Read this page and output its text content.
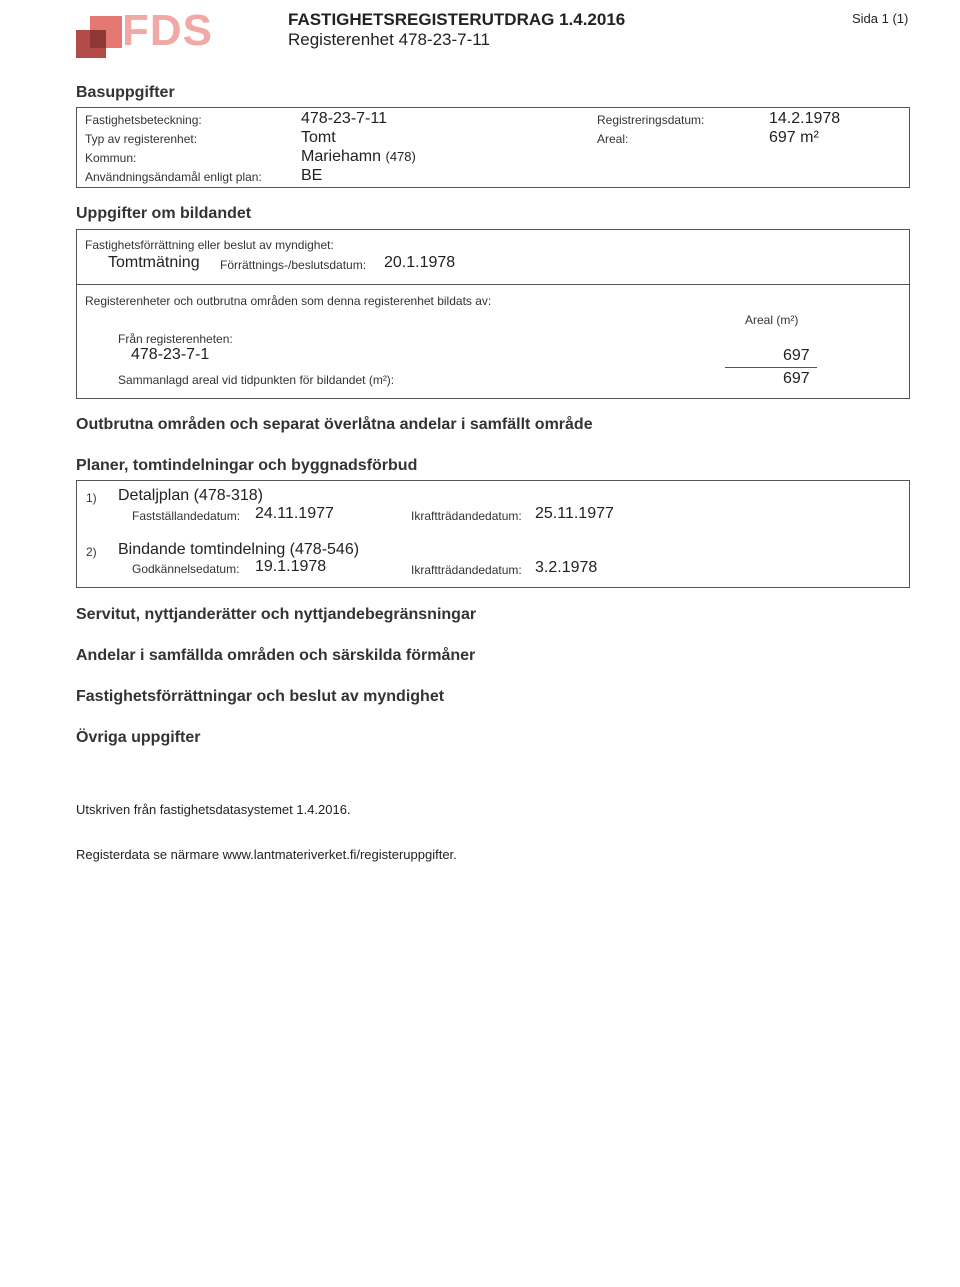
FDS	FASTIGHETSREGISTERUTDRAG 1.4.2016
Registerenhet 478-23-7-11
Sida 1 (1)
Basuppgifter
Fastighetsbeteckning:	478-23-7-11
Typ av registerenhet:	Tomt
Kommun:	Mariehamn (478)
Användningsändamål enligt plan: BE
Registreringsdatum:	14.2.1978
Areal:	697 m²
Uppgifter om bildandet
Fastighetsförrättning eller beslut av myndighet:
Tomtmätning Förrättnings-/beslutsdatum: 20.1.1978
Registerenheter och outbrutna områden som denna registerenhet bildats av:
Areal (m²)
Från registerenheten:
478-23-7-1	697
Sammanlagd areal vid tidpunkten för bildandet (m²):	697
Outbrutna områden och separat överlåtna andelar i samfällt område
Planer, tomtindelningar och byggnadsförbud
1) Detaljplan (478-318)
Fastställandedatum: 24.11.1977	Ikraftträdandedatum: 25.11.1977
2) Bindande tomtindelning (478-546)
Godkännelsedatum: 19.1.1978	Ikraftträdandedatum: 3.2.1978
Servitut, nyttjanderätter och nyttjandebegränsningar
Andelar i samfällda områden och särskilda förmåner
Fastighetsförrättningar och beslut av myndighet
Övriga uppgifter
Utskriven från fastighetsdatasystemet 1.4.2016.
Registerdata se närmare www.lantmateriverket.fi/registeruppgifter.
